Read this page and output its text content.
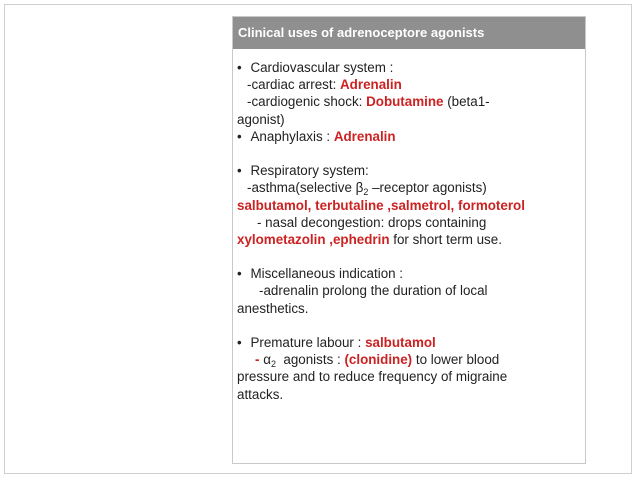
Clinical uses of adrenoceptore agonists
• Cardiovascular system :
-cardiac arrest: Adrenalin
-cardiogenic shock: Dobutamine (beta1-
agonist)
• Anaphylaxis : Adrenalin
• Respiratory system:
-asthma(selective $\beta_2$ –receptor agonists)
salbutamol, terbutaline ,salmetrol, formoterol
- nasal decongestion: drops containing
xylometazolin ,ephedrin for short term use.
• Miscellaneous indication :
-adrenalin prolong the duration of local
anesthetics.
• Premature labour : salbutamol
- $\alpha_2$  agonists : (clonidine) to lower blood
pressure and to reduce frequency of migraine
attacks.
